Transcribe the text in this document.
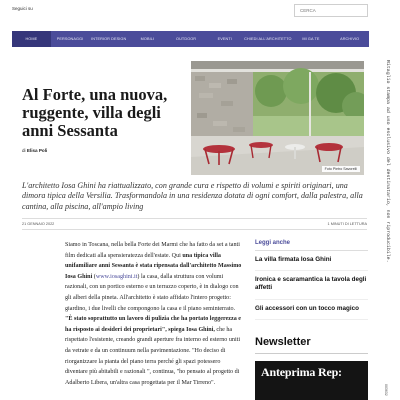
Seguici su
CERCA
HOME	PERSONAGGI	INTERIOR DESIGN	MOBILI	OUTDOOR	EVENTI	CHIEDI ALL'ARCHITETTO	MI GA TE	ARCHIVIO
Al Forte, una nuova, ruggente, villa degli anni Sessanta
di Elisa Poli
Foto Pietro Savorelli

L'architetto Iosa Ghini ha riattualizzato, con grande cura e rispetto di volumi e spiriti originari, una dimora tipica della Versilia. Trasformandola in una residenza dotata di ogni comfort, dalla palestra, alla cantina, alla piscina, all'ampio living

21 GENNAIO 2022	1 MINUTI DI LETTURA
Siamo in Toscana, nella bella Forte dei Marmi che ha fatto da set a tanti film dedicati alla spensieratezza dell'estate. Qui una tipica villa unifamiliare anni Sessanta è stata ripensata dall'architetto Massimo Iosa Ghini (www.iosaghini.it) la casa, dalla struttura con volumi razionali, con un portico esterno e un terrazzo coperto, è in dialogo con gli alberi della pineta. All'architetto è stato affidato l'intero progetto: giardino, i due livelli che compongono la casa e il piano seminterrato. "È stato soprattutto un lavoro di pulizia che ha portato leggerezza e ha risposto ai desideri dei proprietari", spiega Iosa Ghini, che ha rispettato l'esistente, creando grandi aperture fra interno ed esterno uniti da vetrate e da un continuum nella pavimentazione. "Ho deciso di riorganizzare la pianta del piano terra perché gli spazi potessero diventare più abitabili e razionali ", continua, "ho pensato al progetto di Adalberto Libera, un'altra casa progettata per il Mar Tirreno".
Leggi anche
La villa firmata Iosa Ghini
Ironica e scaramantica la tavola degli affetti
Gli accessori con un tocco magico
Newsletter
Anteprima Rep:
Ritaglio stampa ad uso esclusivo del destinatario, non riproducibile.
003632
